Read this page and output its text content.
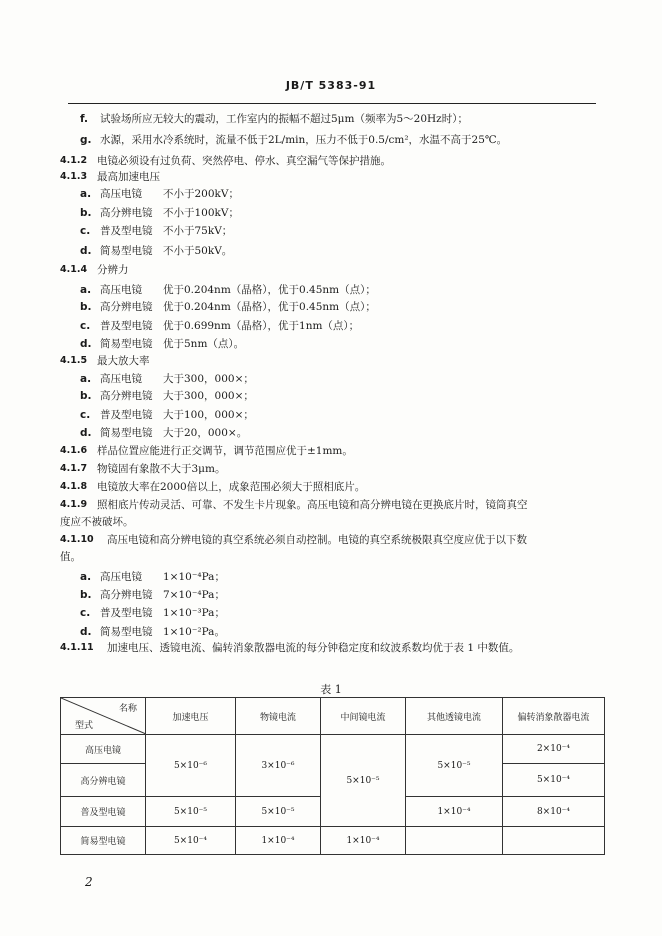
JB/T 5383-91
f. 试验场所应无较大的震动，工作室内的振幅不超过5μm（频率为5～20Hz时）；
g. 水源，采用水冷系统时，流量不低于2L/min，压力不低于0.5/cm²，水温不高于25℃。
4.1.2 电镜必须设有过负荷、突然停电、停水、真空漏气等保护措施。
4.1.3 最高加速电压
a. 高压电镜　　不小于200kV；
b. 高分辨电镜　不小于100kV；
c. 普及型电镜　不小于75kV；
d. 简易型电镜　不小于50kV。
4.1.4 分辨力
a. 高压电镜　　优于0.204nm（晶格），优于0.45nm（点）；
b. 高分辨电镜　优于0.204nm（晶格），优于0.45nm（点）；
c. 普及型电镜　优于0.699nm（晶格），优于1nm（点）；
d. 简易型电镜　优于5nm（点）。
4.1.5 最大放大率
a. 高压电镜　　大于300，000×；
b. 高分辨电镜　大于300，000×；
c. 普及型电镜　大于100，000×；
d. 简易型电镜　大于20，000×。
4.1.6 样品位置应能进行正交调节，调节范围应优于±1mm。
4.1.7 物镜固有象散不大于3μm。
4.1.8 电镜放大率在2000倍以上，成象范围必须大于照相底片。
4.1.9 照相底片传动灵活、可靠、不发生卡片现象。高压电镜和高分辨电镜在更换底片时，镜筒真空
度应不被破坏。
4.1.10 高压电镜和高分辨电镜的真空系统必须自动控制。电镜的真空系统极限真空度应优于以下数
值。
a. 高压电镜　　1×10⁻⁴Pa；
b. 高分辨电镜　7×10⁻⁴Pa；
c. 普及型电镜　1×10⁻³Pa；
d. 简易型电镜　1×10⁻²Pa。
4.1.11 加速电压、透镜电流、偏转消象散器电流的每分钟稳定度和纹波系数均优于表 1 中数值。
表 1
名称
型式	加速电压	物镜电流	中间镜电流	其他透镜电流	偏转消象散器电流
高压电镜	5×10⁻⁶	3×10⁻⁶	5×10⁻⁵	5×10⁻⁵	2×10⁻⁴
高分辨电镜					5×10⁻⁴
普及型电镜	5×10⁻⁵	5×10⁻⁵		1×10⁻⁴	8×10⁻⁴
简易型电镜	5×10⁻⁴	1×10⁻⁴	1×10⁻⁴		
2
